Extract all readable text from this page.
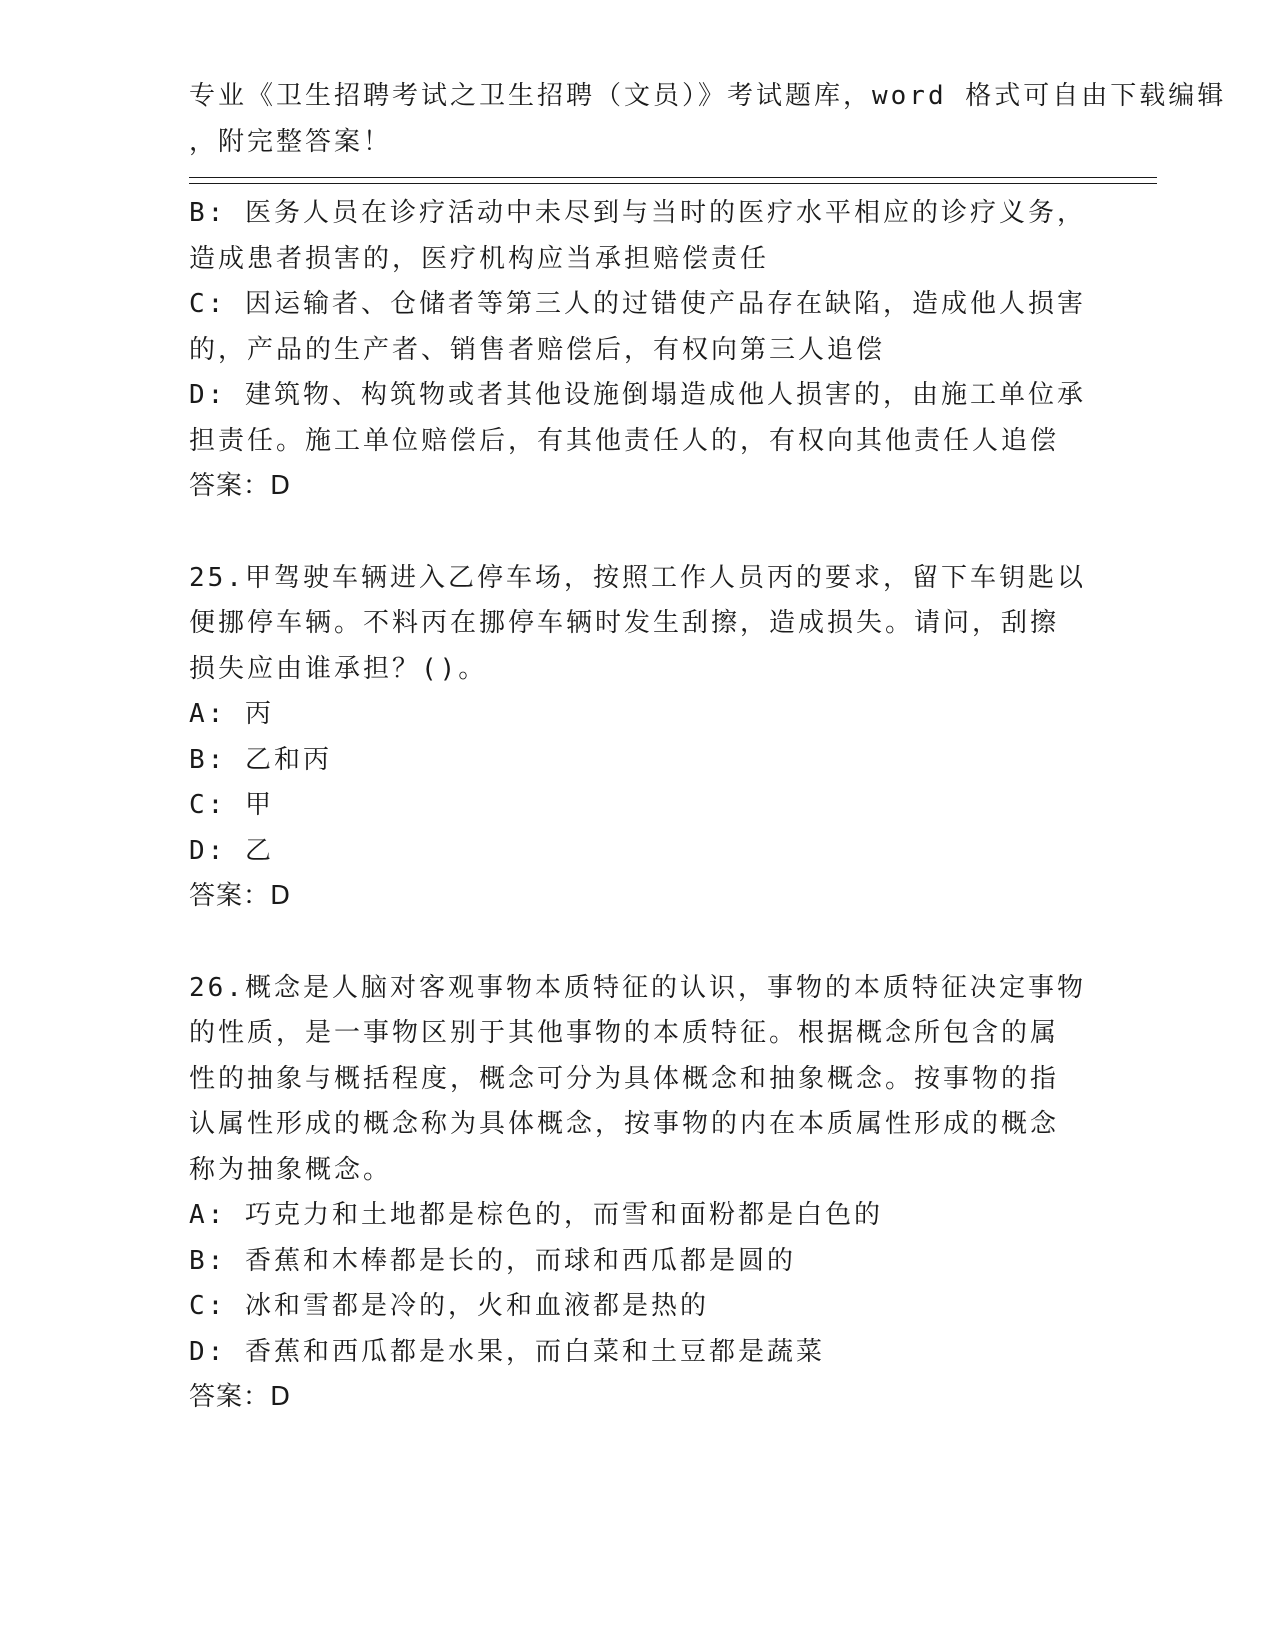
专业《卫生招聘考试之卫生招聘（文员）》考试题库，word 格式可自由下载编辑
，附完整答案！
B: 医务人员在诊疗活动中未尽到与当时的医疗水平相应的诊疗义务，
造成患者损害的，医疗机构应当承担赔偿责任
C: 因运输者、仓储者等第三人的过错使产品存在缺陷，造成他人损害
的，产品的生产者、销售者赔偿后，有权向第三人追偿
D: 建筑物、构筑物或者其他设施倒塌造成他人损害的，由施工单位承
担责任。施工单位赔偿后，有其他责任人的，有权向其他责任人追偿
答案：D
25.甲驾驶车辆进入乙停车场，按照工作人员丙的要求，留下车钥匙以
便挪停车辆。不料丙在挪停车辆时发生刮擦，造成损失。请问，刮擦
损失应由谁承担？()。
A: 丙
B: 乙和丙
C: 甲
D: 乙
答案：D
26.概念是人脑对客观事物本质特征的认识，事物的本质特征决定事物
的性质，是一事物区别于其他事物的本质特征。根据概念所包含的属
性的抽象与概括程度，概念可分为具体概念和抽象概念。按事物的指
认属性形成的概念称为具体概念，按事物的内在本质属性形成的概念
称为抽象概念。
A: 巧克力和土地都是棕色的，而雪和面粉都是白色的
B: 香蕉和木棒都是长的，而球和西瓜都是圆的
C: 冰和雪都是冷的，火和血液都是热的
D: 香蕉和西瓜都是水果，而白菜和土豆都是蔬菜
答案：D
